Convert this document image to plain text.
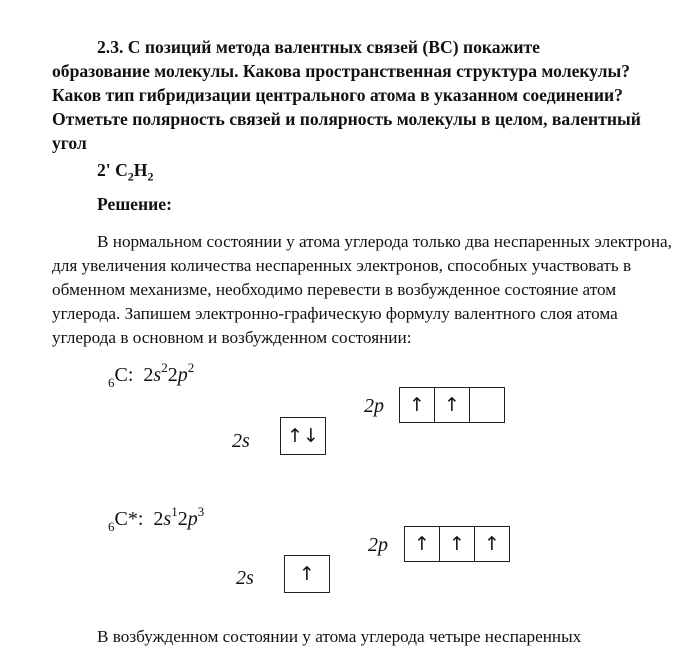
2.3. С позиций метода валентных связей (ВС) покажите
образование молекулы. Какова пространственная структура молекулы? Каков тип гибридизации центрального атома в указанном соединении? Отметьте полярность связей и полярность молекулы в целом, валентный угол
2' $C_2H_2$
Решение:
В нормальном состоянии у атома углерода только два неспаренных электрона, для увеличения количества неспаренных электронов, способных участвовать в обменном механизме, необходимо перевести в возбужденное состояние атом углерода. Запишем электронно-графическую формулу валентного слоя атома углерода в основном и возбужденном состоянии:
$_6$C: $2s^22p^2$
2p	↑	↑
2s	↑↓
$_6$C*: $2s^12p^3$
2p	↑	↑	↑
2s	↑
В возбужденном состоянии у атома углерода четыре неспаренных
